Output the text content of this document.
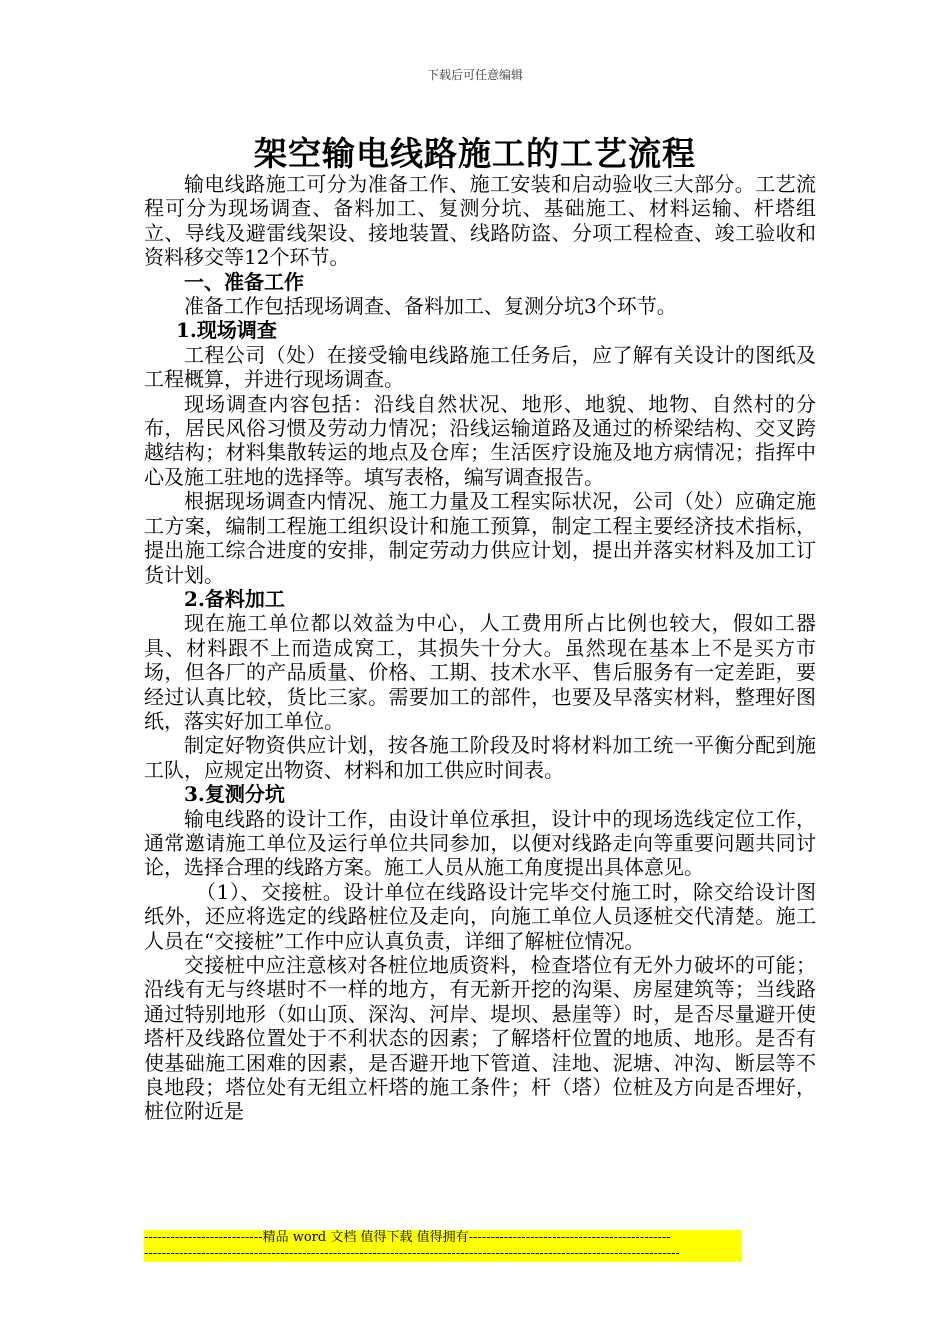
下载后可任意编辑
架空输电线路施工的工艺流程

输电线路施工可分为准备工作、施工安装和启动验收三大部分。工艺流程可分为现场调查、备料加工、复测分坑、基础施工、材料运输、杆塔组立、导线及避雷线架设、接地装置、线路防盗、分项工程检查、竣工验收和资料移交等12个环节。

一、准备工作

准备工作包括现场调查、备料加工、复测分坑3个环节。

1.现场调查

工程公司（处）在接受输电线路施工任务后，应了解有关设计的图纸及工程概算，并进行现场调查。

现场调查内容包括：沿线自然状况、地形、地貌、地物、自然村的分布，居民风俗习惯及劳动力情况；沿线运输道路及通过的桥梁结构、交叉跨越结构；材料集散转运的地点及仓库；生活医疗设施及地方病情况；指挥中心及施工驻地的选择等。填写表格，编写调查报告。

根据现场调查内情况、施工力量及工程实际状况，公司（处）应确定施工方案，编制工程施工组织设计和施工预算，制定工程主要经济技术指标，提出施工综合进度的安排，制定劳动力供应计划，提出并落实材料及加工订货计划。

2.备料加工

现在施工单位都以效益为中心，人工费用所占比例也较大，假如工器具、材料跟不上而造成窝工，其损失十分大。虽然现在基本上不是买方市场，但各厂的产品质量、价格、工期、技术水平、售后服务有一定差距，要经过认真比较，货比三家。需要加工的部件，也要及早落实材料，整理好图纸，落实好加工单位。

制定好物资供应计划，按各施工阶段及时将材料加工统一平衡分配到施工队，应规定出物资、材料和加工供应时间表。

3.复测分坑

输电线路的设计工作，由设计单位承担，设计中的现场选线定位工作，通常邀请施工单位及运行单位共同参加，以便对线路走向等重要问题共同讨论，选择合理的线路方案。施工人员从施工角度提出具体意见。

（1）、交接桩。设计单位在线路设计完毕交付施工时，除交给设计图纸外，还应将选定的线路桩位及走向，向施工单位人员逐桩交代清楚。施工人员在“交接桩”工作中应认真负责，详细了解桩位情况。

交接桩中应注意核对各桩位地质资料，检查塔位有无外力破坏的可能；沿线有无与终堪时不一样的地方，有无新开挖的沟渠、房屋建筑等；当线路通过特别地形（如山顶、深沟、河岸、堤坝、悬崖等）时，是否尽量避开使塔杆及线路位置处于不利状态的因素；了解塔杆位置的地质、地形。是否有使基础施工困难的因素，是否避开地下管道、洼地、泥塘、冲沟、断层等不良地段；塔位处有无组立杆塔的施工条件；杆（塔）位桩及方向是否埋好，桩位附近是

---------------------------精品 word 文档 值得下载 值得拥有----------------------------------------------
--------------------------------------------------------------------------------------------------------------------------
